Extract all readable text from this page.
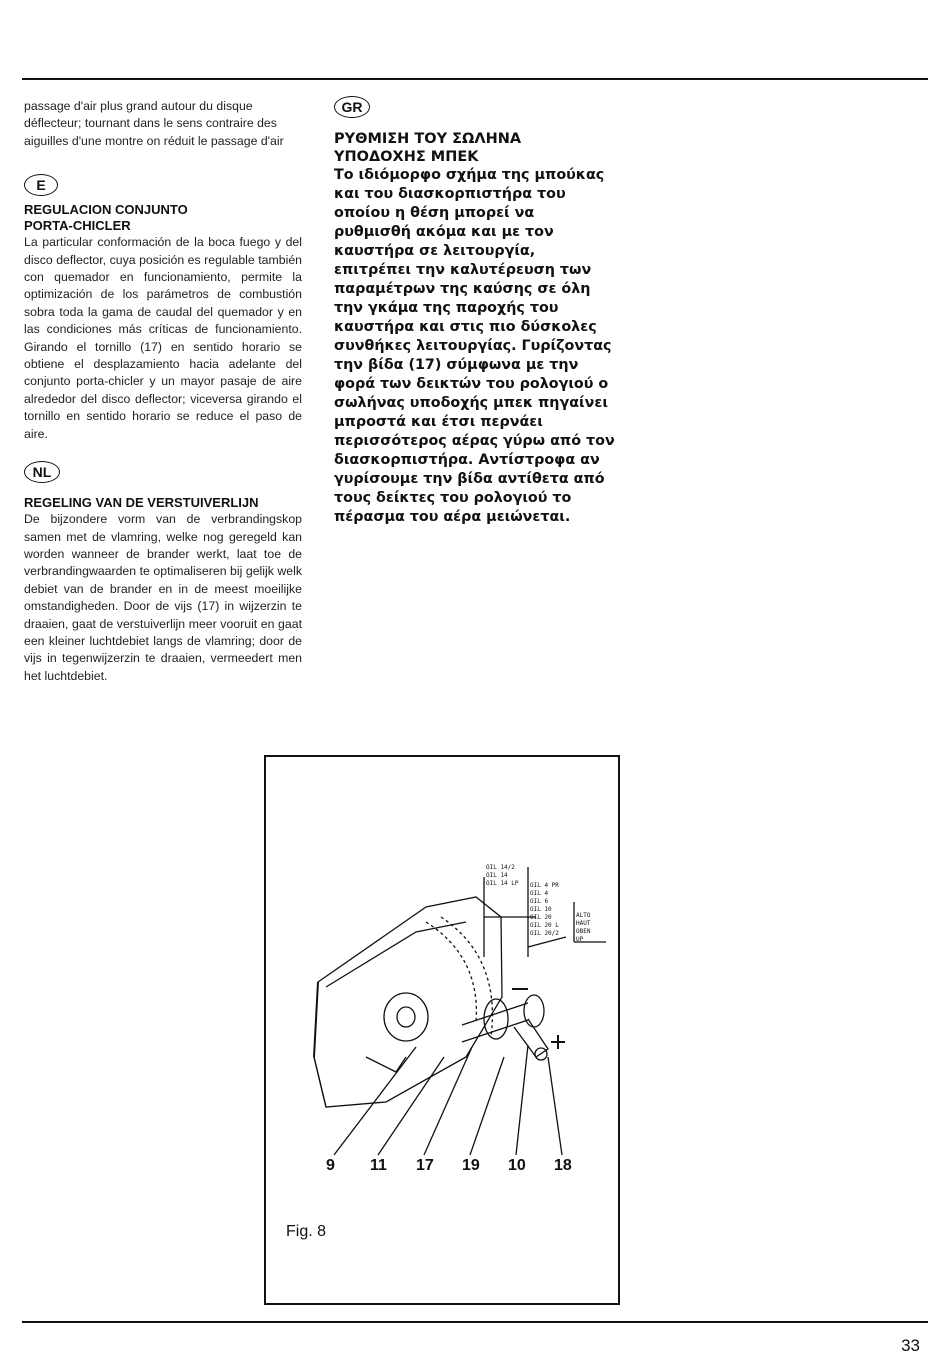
passage d'air plus grand autour du disque déflecteur; tournant dans le sens contraire des aiguilles d'une montre on réduit le passage d'air

E

REGULACION CONJUNTO PORTA-CHICLER

La particular conformación de la boca fuego y del disco deflector, cuya posición es regulable también con quemador en funcionamiento, permite la optimización de los parámetros de combustión sobra toda la gama de caudal del quemador y en las condiciones más críticas de funcionamiento. Girando el tornillo (17) en sentido horario se obtiene el desplazamiento hacia adelante del conjunto porta-chicler y un mayor pasaje de aire alrededor del disco deflector; viceversa girando el tornillo en sentido horario se reduce el paso de aire.

NL

REGELING VAN DE VERSTUIVERLIJN

De bijzondere vorm van de verbrandingskop samen met de vlamring, welke nog geregeld kan worden wanneer de brander werkt, laat toe de verbrandingwaarden te optimaliseren bij gelijk welk debiet van de brander en in de meest moeilijke omstandigheden. Door de vijs (17) in wijzerzin te draaien, gaat de verstuiverlijn meer vooruit en gaat een kleiner luchtdebiet langs de vlamring; door de vijs in tegenwijzerzin te draaien, vermeedert men het luchtdebiet.

GR

ΡΥΘΜΙΣΗ ΤΟΥ ΣΩΛΗΝΑ

ΥΠΟΔΟΧΗΣ ΜΠΕΚ

Το ιδιόμορφο σχήμα της μπούκας και του διασκορπιστήρα του οποίου η θέση μπορεί να ρυθμισθή ακόμα και με τον καυστήρα σε λειτουργία, επιτρέπει την καλυτέρευση των παραμέτρων της καύσης σε όλη την γκάμα της παροχής του καυστήρα και στις πιο δύσκολες συνθήκες λειτουργίας. Γυρίζοντας την βίδα (17) σύμφωνα με την φορά των δεικτών του ρολογιού ο σωλήνας υποδοχής μπεκ πηγαίνει μπροστά και έτσι περνάει περισσότερος αέρας γύρω από τον διασκορπιστήρα. Αντίστροφα αν γυρίσουμε την βίδα αντίθετα από τους δείκτες του ρολογιού το πέρασμα του αέρα μειώνεται.

OIL 14/2
OIL 14
OIL 14 LP OIL 4 PR
OIL 4
OIL 6
OIL 10
OIL 20
OIL 20 L
OIL 20/2
ALTO
HAUT
OBEN
UP
9 11 17 19 10 18
Fig. 8
33
